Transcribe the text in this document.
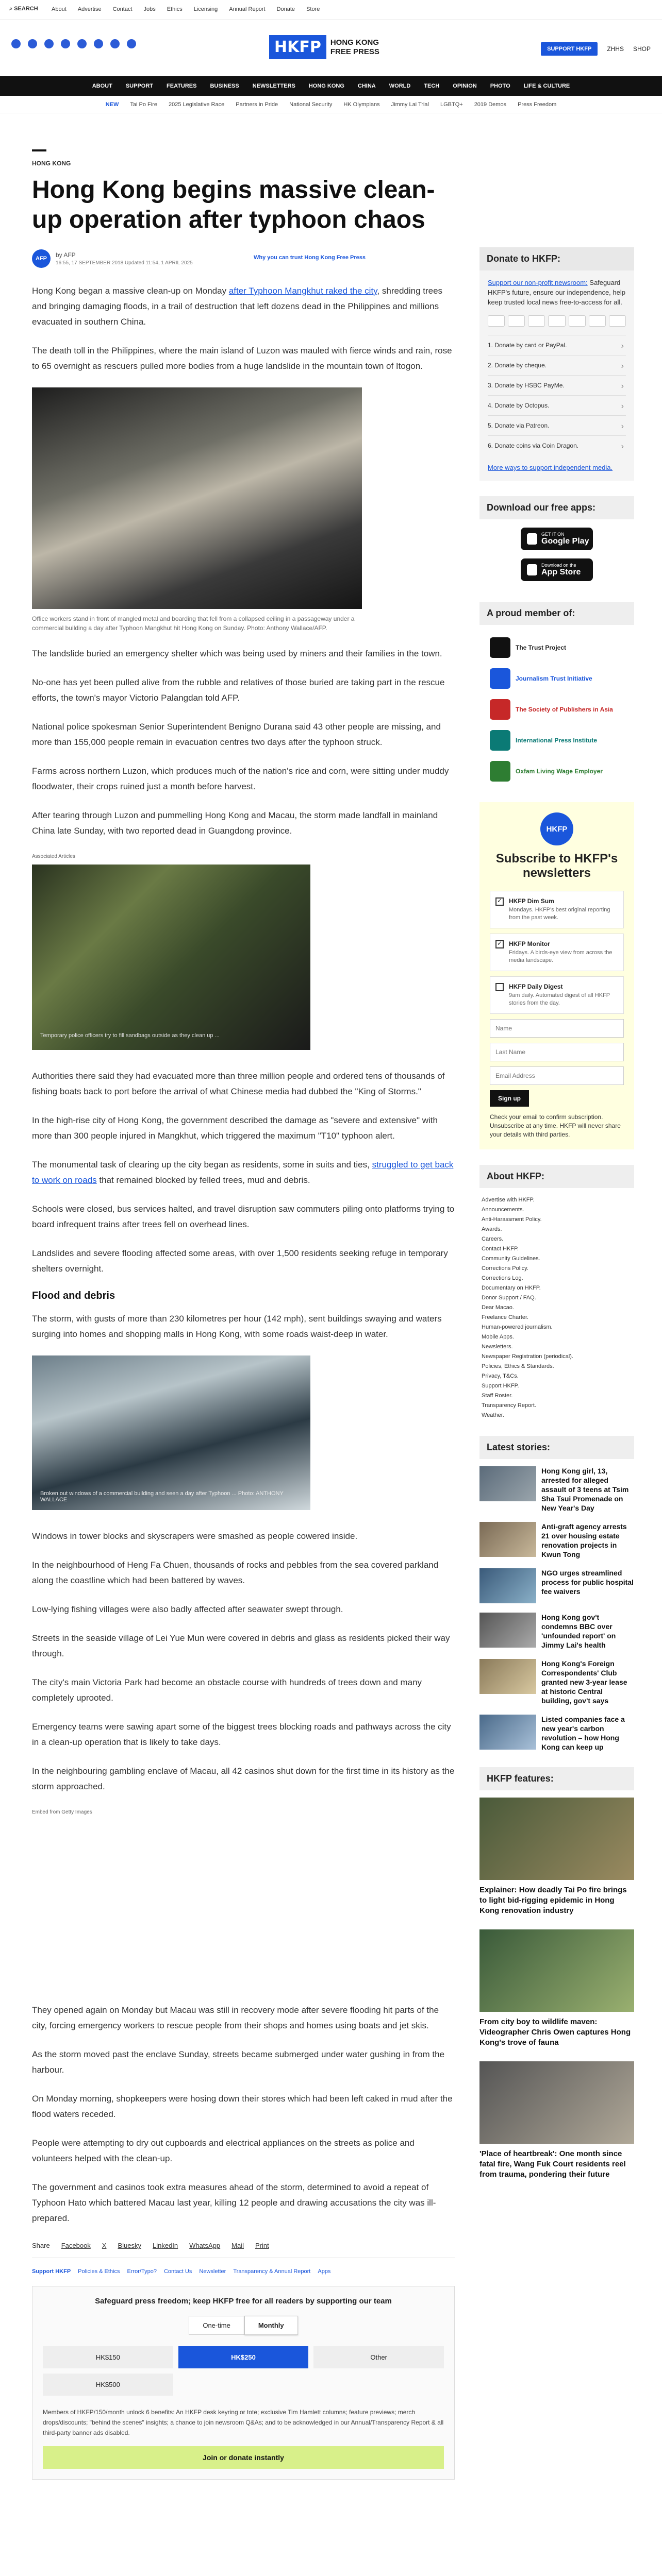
⌕ SEARCH About Advertise Contact Jobs Ethics Licensing Annual Report Donate Store
HKFP	HONG KONG
FREE PRESS	SUPPORT HKFP	ZHHS SHOP
ABOUT SUPPORT FEATURES BUSINESS NEWSLETTERS HONG KONG CHINA WORLD TECH OPINION PHOTO LIFE & CULTURE
NEW Tai Po Fire 2025 Legislative Race Partners in Pride National Security HK Olympians Jimmy Lai Trial LGBTQ+ 2019 Demos Press Freedom
HONG KONG
Hong Kong begins massive clean-up operation after typhoon chaos
AFP	by AFP
16:55, 17 SEPTEMBER 2018 Updated 11:54, 1 APRIL 2025
Why you can trust Hong Kong Free Press

Hong Kong began a massive clean-up on Monday after Typhoon Mangkhut raked the city, shredding trees and bringing damaging floods, in a trail of destruction that left dozens dead in the Philippines and millions evacuated in southern China.

The death toll in the Philippines, where the main island of Luzon was mauled with fierce winds and rain, rose to 65 overnight as rescuers pulled more bodies from a huge landslide in the mountain town of Itogon.

Office workers stand in front of mangled metal and boarding that fell from a collapsed ceiling in a passageway under a commercial building a day after Typhoon Mangkhut hit Hong Kong on Sunday. Photo: Anthony Wallace/AFP.

The landslide buried an emergency shelter which was being used by miners and their families in the town.

No-one has yet been pulled alive from the rubble and relatives of those buried are taking part in the rescue efforts, the town's mayor Victorio Palangdan told AFP.

National police spokesman Senior Superintendent Benigno Durana said 43 other people are missing, and more than 155,000 people remain in evacuation centres two days after the typhoon struck.

Farms across northern Luzon, which produces much of the nation's rice and corn, were sitting under muddy floodwater, their crops ruined just a month before harvest.

After tearing through Luzon and pummelling Hong Kong and Macau, the storm made landfall in mainland China late Sunday, with two reported dead in Guangdong province.

Associated Articles
Temporary police officers try to fill sandbags outside as they clean up ...

Authorities there said they had evacuated more than three million people and ordered tens of thousands of fishing boats back to port before the arrival of what Chinese media had dubbed the "King of Storms."

In the high-rise city of Hong Kong, the government described the damage as "severe and extensive" with more than 300 people injured in Mangkhut, which triggered the maximum "T10" typhoon alert.

The monumental task of clearing up the city began as residents, some in suits and ties, struggled to get back to work on roads that remained blocked by felled trees, mud and debris.

Schools were closed, bus services halted, and travel disruption saw commuters piling onto platforms trying to board infrequent trains after trees fell on overhead lines.

Landslides and severe flooding affected some areas, with over 1,500 residents seeking refuge in temporary shelters overnight.

Flood and debris

The storm, with gusts of more than 230 kilometres per hour (142 mph), sent buildings swaying and waters surging into homes and shopping malls in Hong Kong, with some roads waist-deep in water.

Broken out windows of a commercial building and seen a day after Typhoon ... Photo: ANTHONY WALLACE

Windows in tower blocks and skyscrapers were smashed as people cowered inside.

In the neighbourhood of Heng Fa Chuen, thousands of rocks and pebbles from the sea covered parkland along the coastline which had been battered by waves.

Low-lying fishing villages were also badly affected after seawater swept through.

Streets in the seaside village of Lei Yue Mun were covered in debris and glass as residents picked their way through.

The city's main Victoria Park had become an obstacle course with hundreds of trees down and many completely uprooted.

Emergency teams were sawing apart some of the biggest trees blocking roads and pathways across the city in a clean-up operation that is likely to take days.

In the neighbouring gambling enclave of Macau, all 42 casinos shut down for the first time in its history as the storm approached.

Embed from Getty Images

They opened again on Monday but Macau was still in recovery mode after severe flooding hit parts of the city, forcing emergency workers to rescue people from their shops and homes using boats and jet skis.

As the storm moved past the enclave Sunday, streets became submerged under water gushing in from the harbour.

On Monday morning, shopkeepers were hosing down their stores which had been left caked in mud after the flood waters receded.

People were attempting to dry out cupboards and electrical appliances on the streets as police and volunteers helped with the clean-up.

The government and casinos took extra measures ahead of the storm, determined to avoid a repeat of Typhoon Hato which battered Macau last year, killing 12 people and drawing accusations the city was ill-prepared.

Share Facebook X Bluesky LinkedIn WhatsApp Mail Print
Support HKFP Policies & Ethics Error/Typo? Contact Us Newsletter Transparency & Annual Report Apps
Safeguard press freedom; keep HKFP free for all readers by supporting our team
One-time	Monthly
HK$150	HK$250	Other
HK$500
Members of HKFP/150/month unlock 6 benefits: An HKFP desk keyring or tote; exclusive Tim Hamlett columns; feature previews; merch drops/discounts; "behind the scenes" insights; a chance to join newsroom Q&As; and to be acknowledged in our Annual/Transparency Report & all third-party banner ads disabled.
Join or donate instantly
Donate to HKFP:

Support our non-profit newsroom: Safeguard HKFP's future, ensure our independence, help keep trusted local news free-to-access for all.

1. Donate by card or PayPal. ›
2. Donate by cheque. ›
3. Donate by HSBC PayMe. ›
4. Donate by Octopus. ›
5. Donate via Patreon. ›
6. Donate coins via Coin Dragon. ›

More ways to support independent media.

Download our free apps:
GET IT ON
Google Play
Download on the
App Store
A proud member of:
The Trust Project
Journalism Trust Initiative
The Society of Publishers in Asia
International Press Institute
Oxfam Living Wage Employer
HKFP
Subscribe to HKFP's newsletters
✓
HKFP Dim Sum
Mondays. HKFP's best original reporting from the past week.
✓
HKFP Monitor
Fridays. A birds-eye view from across the media landscape.
HKFP Daily Digest
9am daily. Automated digest of all HKFP stories from the day.
Name
Last Name
Email Address Sign up

Check your email to confirm subscription. Unsubscribe at any time. HKFP will never share your details with third parties.

About HKFP:
Advertise with HKFP.
Announcements.
Anti-Harassment Policy.
Awards.
Careers.
Contact HKFP.
Community Guidelines.
Corrections Policy.
Corrections Log.
Documentary on HKFP.
Donor Support / FAQ.
Dear Macao.
Freelance Charter.
Human-powered journalism.
Mobile Apps.
Newsletters.
Newspaper Registration (periodical).
Policies, Ethics & Standards.
Privacy, T&Cs.
Support HKFP.
Staff Roster.
Transparency Report.
Weather.
Latest stories:
Hong Kong girl, 13, arrested for alleged assault of 3 teens at Tsim Sha Tsui Promenade on New Year's Day
Anti-graft agency arrests 21 over housing estate renovation projects in Kwun Tong
NGO urges streamlined process for public hospital fee waivers
Hong Kong gov't condemns BBC over 'unfounded report' on Jimmy Lai's health
Hong Kong's Foreign Correspondents' Club granted new 3-year lease at historic Central building, gov't says
Listed companies face a new year's carbon revolution – how Hong Kong can keep up
HKFP features:
Explainer: How deadly Tai Po fire brings to light bid-rigging epidemic in Hong Kong renovation industry
From city boy to wildlife maven: Videographer Chris Owen captures Hong Kong's trove of fauna
'Place of heartbreak': One month since fatal fire, Wang Fuk Court residents reel from trauma, pondering their future
